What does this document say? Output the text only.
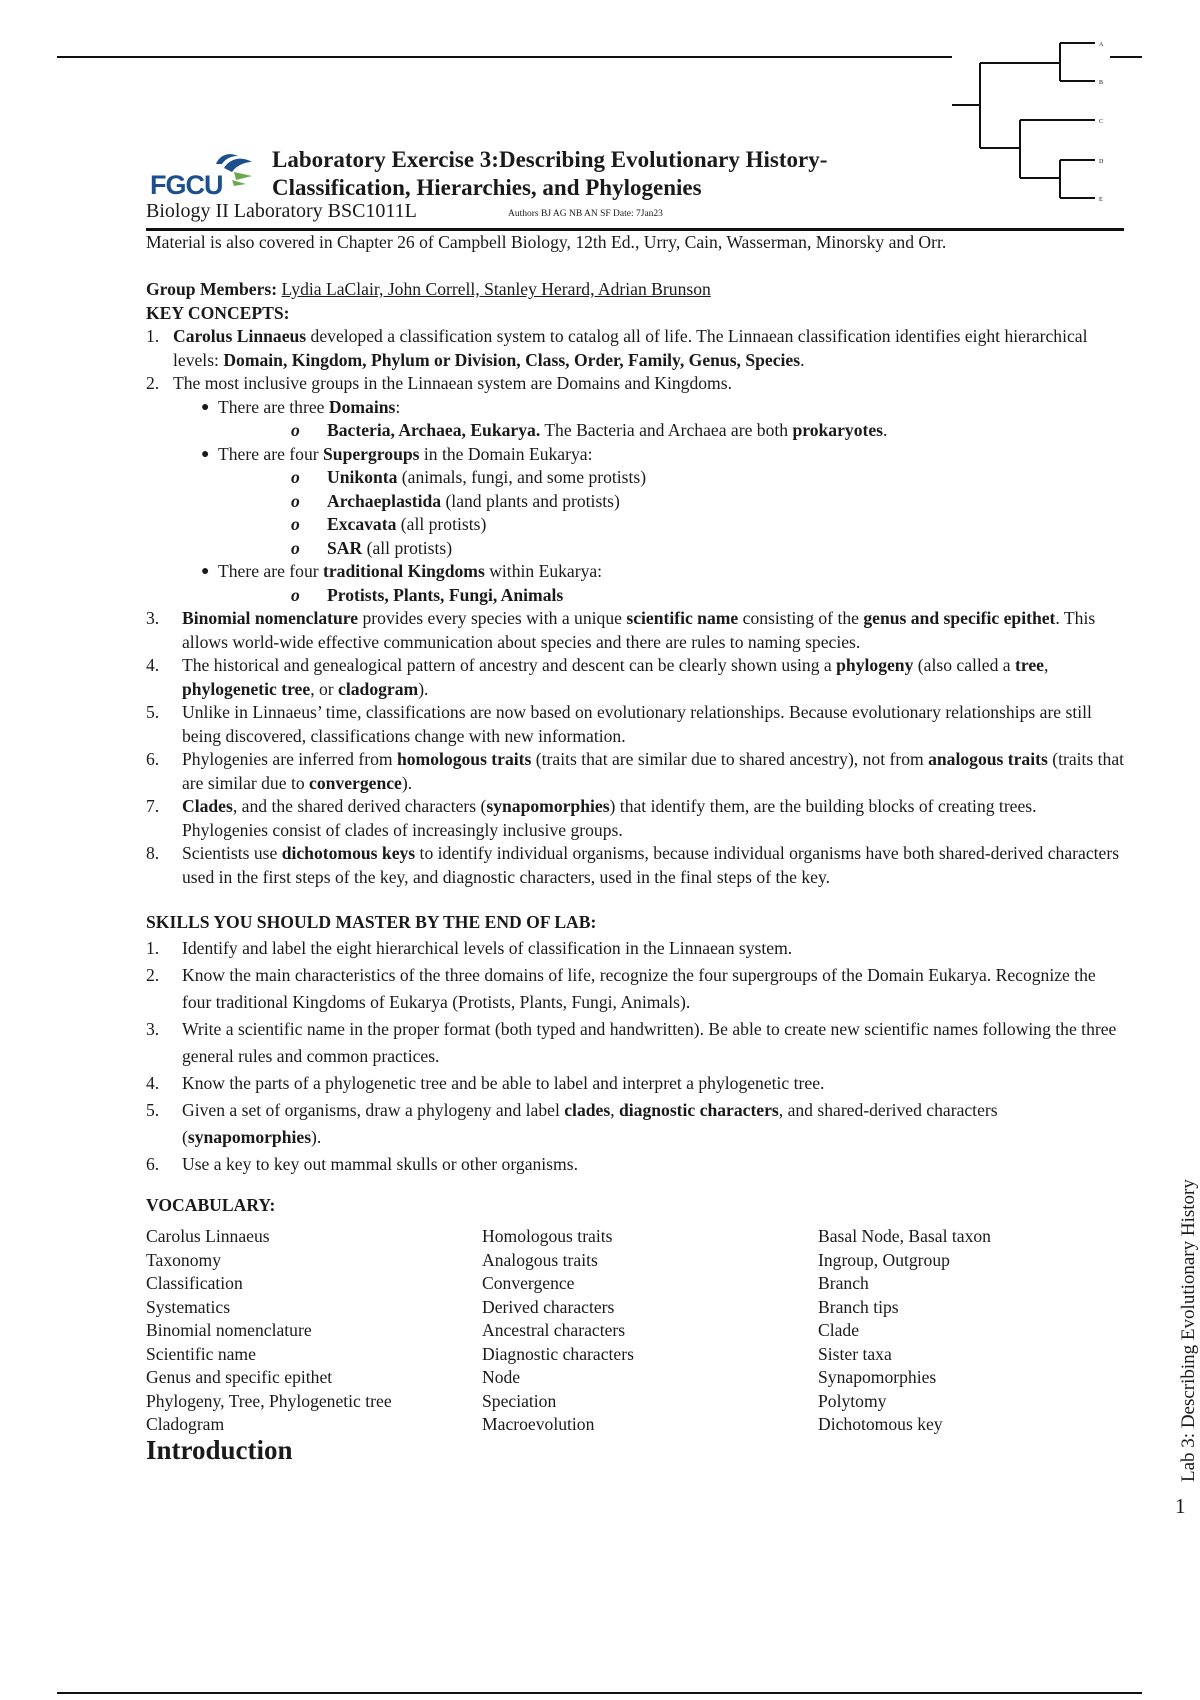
A
B
C
D
E
FGCU
Laboratory Exercise 3:Describing Evolutionary History-
Classification, Hierarchies, and Phylogenies
Biology II Laboratory BSC1011L	Authors BJ AG NB AN SF Date: 7Jan23
Material is also covered in Chapter 26 of Campbell Biology, 12th Ed., Urry, Cain, Wasserman, Minorsky and Orr.
Group Members: Lydia LaClair, John Correll, Stanley Herard, Adrian Brunson
KEY CONCEPTS:
1. Carolus Linnaeus developed a classification system to catalog all of life. The Linnaean classification identifies eight hierarchical levels: Domain, Kingdom, Phylum or Division, Class, Order, Family, Genus, Species.
2. The most inclusive groups in the Linnaean system are Domains and Kingdoms.
● There are three Domains:
o Bacteria, Archaea, Eukarya. The Bacteria and Archaea are both prokaryotes.
● There are four Supergroups in the Domain Eukarya:
o Unikonta (animals, fungi, and some protists)
o Archaeplastida (land plants and protists)
o Excavata (all protists)
o SAR (all protists)
● There are four traditional Kingdoms within Eukarya:
o Protists, Plants, Fungi, Animals
3. Binomial nomenclature provides every species with a unique scientific name consisting of the genus and specific epithet. This allows world-wide effective communication about species and there are rules to naming species.
4. The historical and genealogical pattern of ancestry and descent can be clearly shown using a phylogeny (also called a tree, phylogenetic tree, or cladogram).
5. Unlike in Linnaeus’ time, classifications are now based on evolutionary relationships. Because evolutionary relationships are still being discovered, classifications change with new information.
6. Phylogenies are inferred from homologous traits (traits that are similar due to shared ancestry), not from analogous traits (traits that are similar due to convergence).
7. Clades, and the shared derived characters (synapomorphies) that identify them, are the building blocks of creating trees. Phylogenies consist of clades of increasingly inclusive groups.
8. Scientists use dichotomous keys to identify individual organisms, because individual organisms have both shared-derived characters used in the first steps of the key, and diagnostic characters, used in the final steps of the key.
SKILLS YOU SHOULD MASTER BY THE END OF LAB:
1. Identify and label the eight hierarchical levels of classification in the Linnaean system.
2. Know the main characteristics of the three domains of life, recognize the four supergroups of the Domain Eukarya. Recognize the four traditional Kingdoms of Eukarya (Protists, Plants, Fungi, Animals).
3. Write a scientific name in the proper format (both typed and handwritten). Be able to create new scientific names following the three general rules and common practices.
4. Know the parts of a phylogenetic tree and be able to label and interpret a phylogenetic tree.
5. Given a set of organisms, draw a phylogeny and label clades, diagnostic characters, and shared-derived characters (synapomorphies).
6. Use a key to key out mammal skulls or other organisms.
VOCABULARY:
Carolus Linnaeus
Taxonomy
Classification
Systematics
Binomial nomenclature
Scientific name
Genus and specific epithet
Phylogeny, Tree, Phylogenetic tree
Cladogram
Homologous traits
Analogous traits
Convergence
Derived characters
Ancestral characters
Diagnostic characters
Node
Speciation
Macroevolution
Basal Node, Basal taxon
Ingroup, Outgroup
Branch
Branch tips
Clade
Sister taxa
Synapomorphies
Polytomy
Dichotomous key
Introduction	Lab 3: Describing Evolutionary History
1
